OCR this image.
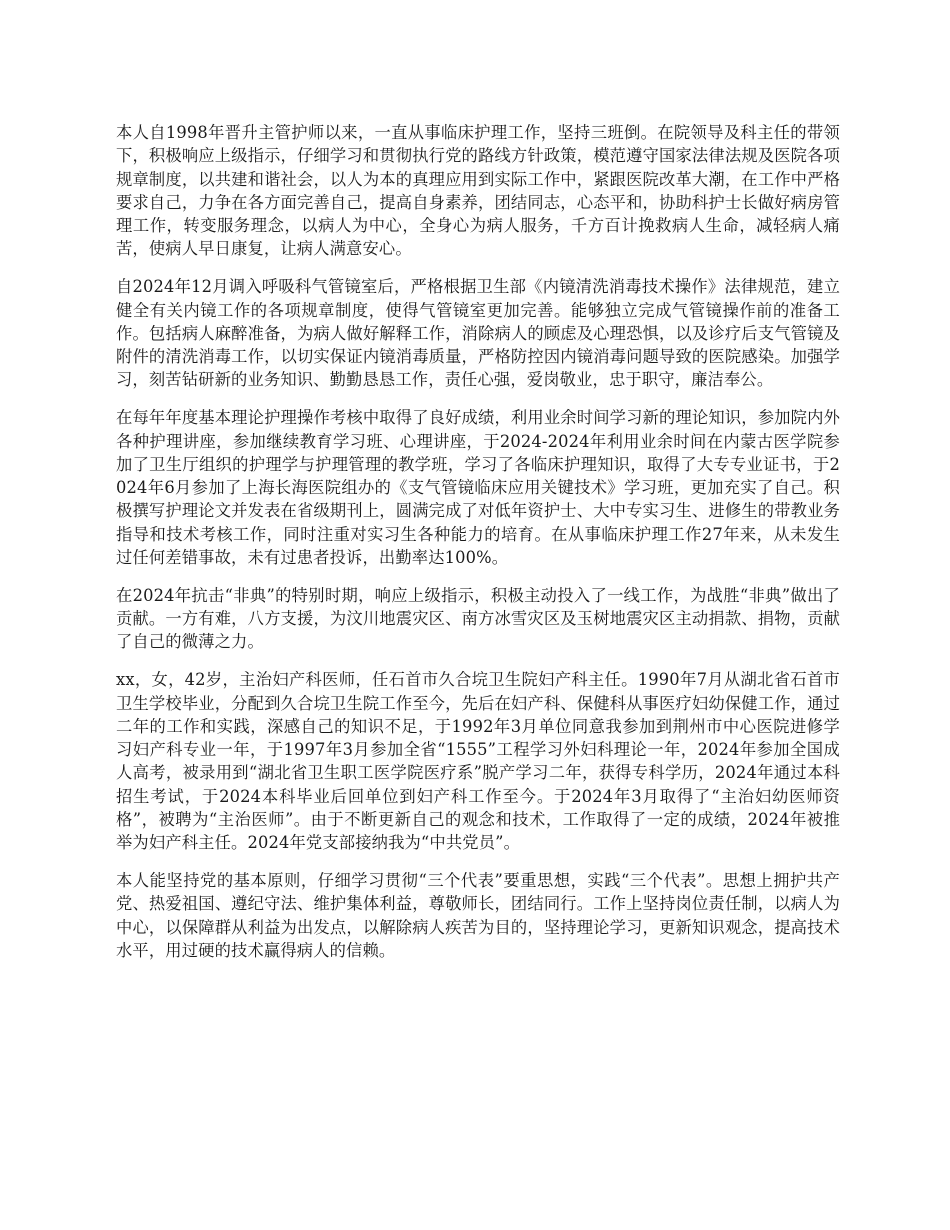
本人自1998年晋升主管护师以来，一直从事临床护理工作，坚持三班倒。在院领导及科主任的带领下，积极响应上级指示，仔细学习和贯彻执行党的路线方针政策，模范遵守国家法律法规及医院各项规章制度，以共建和谐社会，以人为本的真理应用到实际工作中，紧跟医院改革大潮，在工作中严格要求自己，力争在各方面完善自己，提高自身素养，团结同志，心态平和，协助科护士长做好病房管理工作，转变服务理念，以病人为中心，全身心为病人服务，千方百计挽救病人生命，减轻病人痛苦，使病人早日康复，让病人满意安心。

自2024年12月调入呼吸科气管镜室后，严格根据卫生部《内镜清洗消毒技术操作》法律规范，建立健全有关内镜工作的各项规章制度，使得气管镜室更加完善。能够独立完成气管镜操作前的准备工作。包括病人麻醉准备，为病人做好解释工作，消除病人的顾虑及心理恐惧，以及诊疗后支气管镜及附件的清洗消毒工作，以切实保证内镜消毒质量，严格防控因内镜消毒问题导致的医院感染。加强学习，刻苦钻研新的业务知识、勤勤恳恳工作，责任心强，爱岗敬业，忠于职守，廉洁奉公。

在每年年度基本理论护理操作考核中取得了良好成绩，利用业余时间学习新的理论知识，参加院内外各种护理讲座，参加继续教育学习班、心理讲座，于2024-2024年利用业余时间在内蒙古医学院参加了卫生厅组织的护理学与护理管理的教学班，学习了各临床护理知识，取得了大专专业证书，于2024年6月参加了上海长海医院组办的《支气管镜临床应用关键技术》学习班，更加充实了自己。积极撰写护理论文并发表在省级期刊上，圆满完成了对低年资护士、大中专实习生、进修生的带教业务指导和技术考核工作，同时注重对实习生各种能力的培育。在从事临床护理工作27年来，从未发生过任何差错事故，未有过患者投诉，出勤率达100%。

在2024年抗击“非典”的特别时期，响应上级指示，积极主动投入了一线工作，为战胜“非典”做出了贡献。一方有难，八方支援，为汶川地震灾区、南方冰雪灾区及玉树地震灾区主动捐款、捐物，贡献了自己的微薄之力。

xx，女，42岁，主治妇产科医师，任石首市久合垸卫生院妇产科主任。1990年7月从湖北省石首市卫生学校毕业，分配到久合垸卫生院工作至今，先后在妇产科、保健科从事医疗妇幼保健工作，通过二年的工作和实践，深感自己的知识不足，于1992年3月单位同意我参加到荆州市中心医院进修学习妇产科专业一年，于1997年3月参加全省“1555”工程学习外妇科理论一年，2024年参加全国成人高考，被录用到“湖北省卫生职工医学院医疗系”脱产学习二年，获得专科学历，2024年通过本科招生考试，于2024本科毕业后回单位到妇产科工作至今。于2024年3月取得了“主治妇幼医师资格”，被聘为“主治医师”。由于不断更新自己的观念和技术，工作取得了一定的成绩，2024年被推举为妇产科主任。2024年党支部接纳我为“中共党员”。

本人能坚持党的基本原则，仔细学习贯彻“三个代表”要重思想，实践“三个代表”。思想上拥护共产党、热爱祖国、遵纪守法、维护集体利益，尊敬师长，团结同行。工作上坚持岗位责任制，以病人为中心，以保障群从利益为出发点，以解除病人疾苦为目的，坚持理论学习，更新知识观念，提高技术水平，用过硬的技术赢得病人的信赖。
